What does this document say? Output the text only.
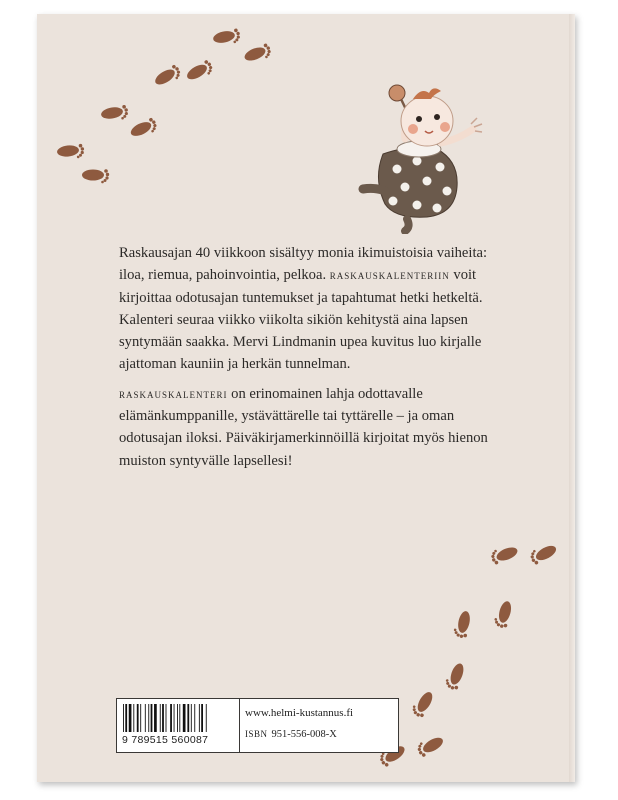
Raskausajan 40 viikkoon sisältyy monia ikimuistoisia vaiheita: iloa, riemua, pahoinvointia, pelkoa. raskauskalenteriin voit kirjoittaa odotusajan tuntemukset ja tapahtumat hetki hetkeltä. Kalenteri seuraa viikko viikolta sikiön kehitystä aina lapsen syntymään saakka. Mervi Lindmanin upea kuvitus luo kirjalle ajattoman kauniin ja herkän tunnelman.

raskauskalenteri on erinomainen lahja odottavalle elämänkumppanille, ystävättärelle tai tyttärelle – ja oman odotusajan iloksi. Päiväkirjamerkinnöillä kirjoitat myös hienon muiston syntyvälle lapsellesi!

9 789515 560087
www.helmi-kustannus.fi
ISBN 951-556-008-X
